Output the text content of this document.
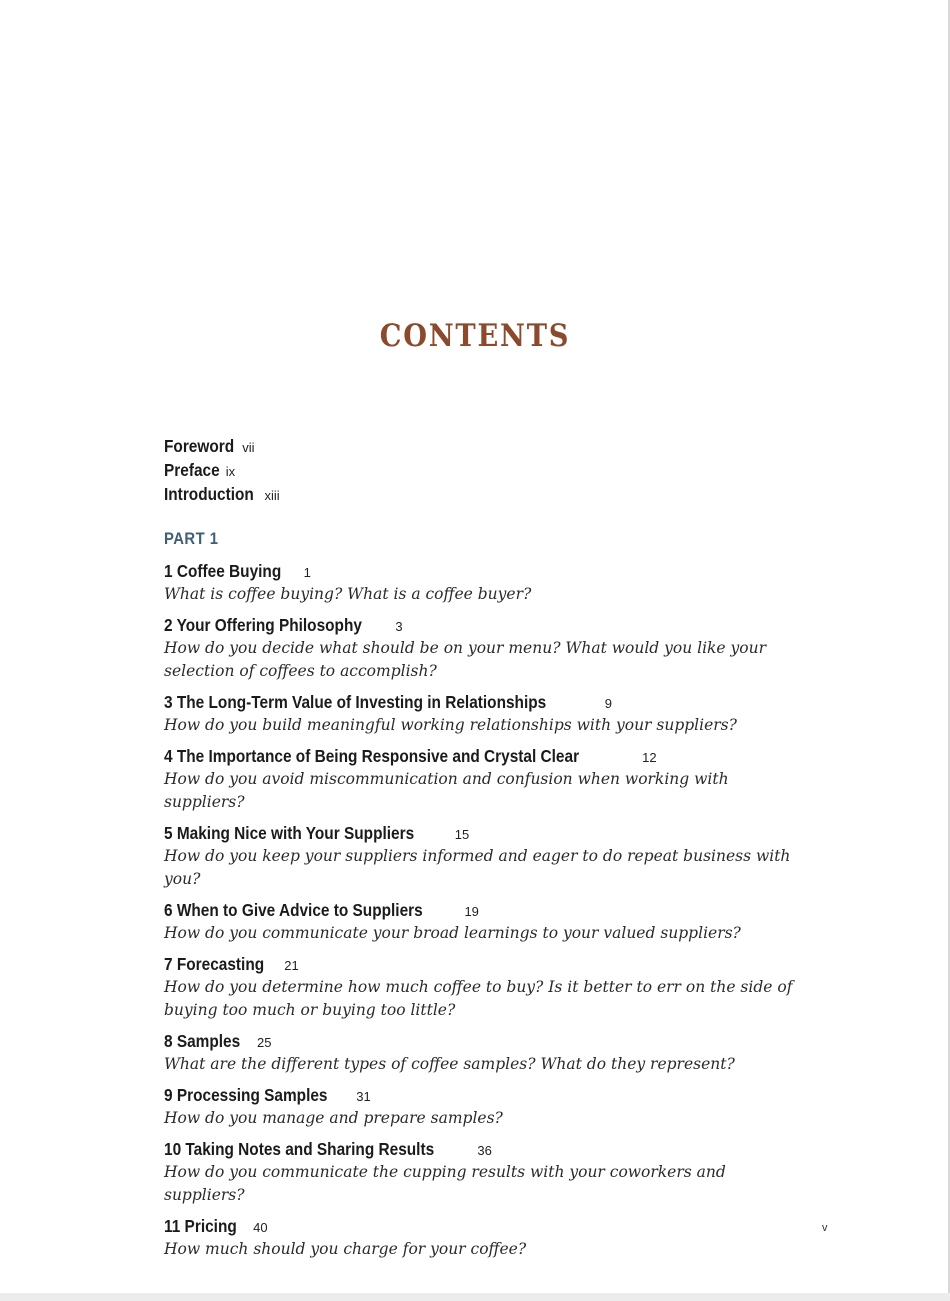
CONTENTS
Foreword vii
Preface ix
Introduction xiii
PART 1
1 Coffee Buying 1
What is coffee buying? What is a coffee buyer?
2 Your Offering Philosophy	3
How do you decide what should be on your menu? What would you like your selection of coffees to accomplish?
3 The Long-Term Value of Investing in Relationships	9
How do you build meaningful working relationships with your suppliers?
4 The Importance of Being Responsive and Crystal Clear	12
How do you avoid miscommunication and confusion when working with suppliers?
5 Making Nice with Your Suppliers	15
How do you keep your suppliers informed and eager to do repeat business with you?
6 When to Give Advice to Suppliers	19
How do you communicate your broad learnings to your valued suppliers?
7 Forecasting 21
How do you determine how much coffee to buy? Is it better to err on the side of buying too much or buying too little?
8 Samples 25
What are the different types of coffee samples? What do they represent?
9 Processing Samples 31
How do you manage and prepare samples?
10 Taking Notes and Sharing Results	36
How do you communicate the cupping results with your coworkers and suppliers?
11 Pricing 40
How much should you charge for your coffee?
v
